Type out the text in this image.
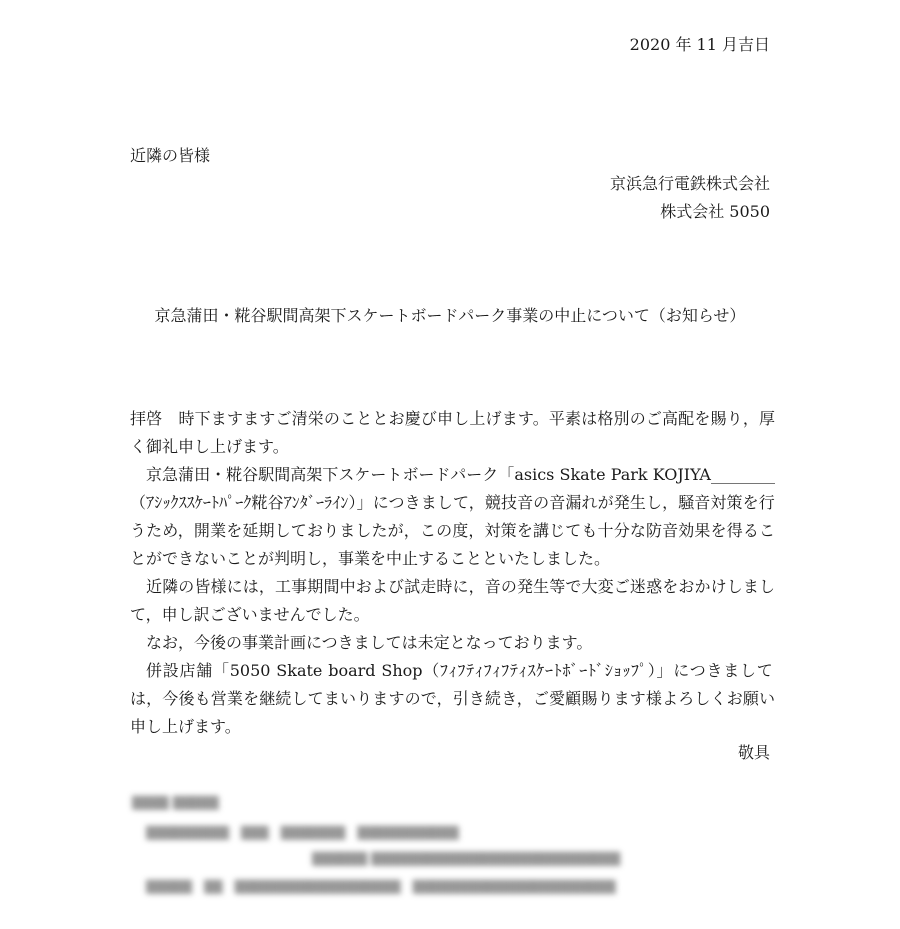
2020 年 11 月吉日
近隣の皆様
京浜急行電鉄株式会社
株式会社 5050
京急蒲田・糀谷駅間高架下スケートボードパーク事業の中止について（お知らせ）

拝啓　時下ますますご清栄のこととお慶び申し上げます。平素は格別のご高配を賜り，厚く御礼申し上げます。

京急蒲田・糀谷駅間高架下スケートボードパーク「asics Skate Park KOJIYA________（ｱｼｯｸｽｽｹｰﾄﾊﾟｰｸ糀谷ｱﾝﾀﾞｰﾗｲﾝ）」につきまして，競技音の音漏れが発生し，騒音対策を行うため，開業を延期しておりましたが，この度，対策を講じても十分な防音効果を得ることができないことが判明し，事業を中止することといたしました。

近隣の皆様には，工事期間中および試走時に，音の発生等で大変ご迷惑をおかけしまして，申し訳ございませんでした。

なお，今後の事業計画につきましては未定となっております。

併設店舗「5050 Skate board Shop（ﾌｨﾌﾃｨﾌｨﾌﾃｨｽｹｰﾄﾎﾞｰﾄﾞｼｮｯﾌﾟ）」につきましては，今後も営業を継続してまいりますので，引き続き，ご愛顧賜ります様よろしくお願い申し上げます。

敬具
▒▒▒▒ ▒▒▒▒▒
▒▒▒▒▒▒▒▒▒　▒▒▒　▒▒▒▒▒▒▒　▒▒▒▒▒▒▒▒▒▒▒
▒▒▒▒▒▒ ▒▒▒▒▒▒▒▒▒▒▒▒▒▒▒▒▒▒▒▒▒▒▒▒▒▒▒
▒▒▒▒▒　▒▒　▒▒▒▒▒▒▒▒▒▒▒▒▒▒▒▒▒▒　▒▒▒▒▒▒▒▒▒▒▒▒▒▒▒▒▒▒▒▒▒▒
